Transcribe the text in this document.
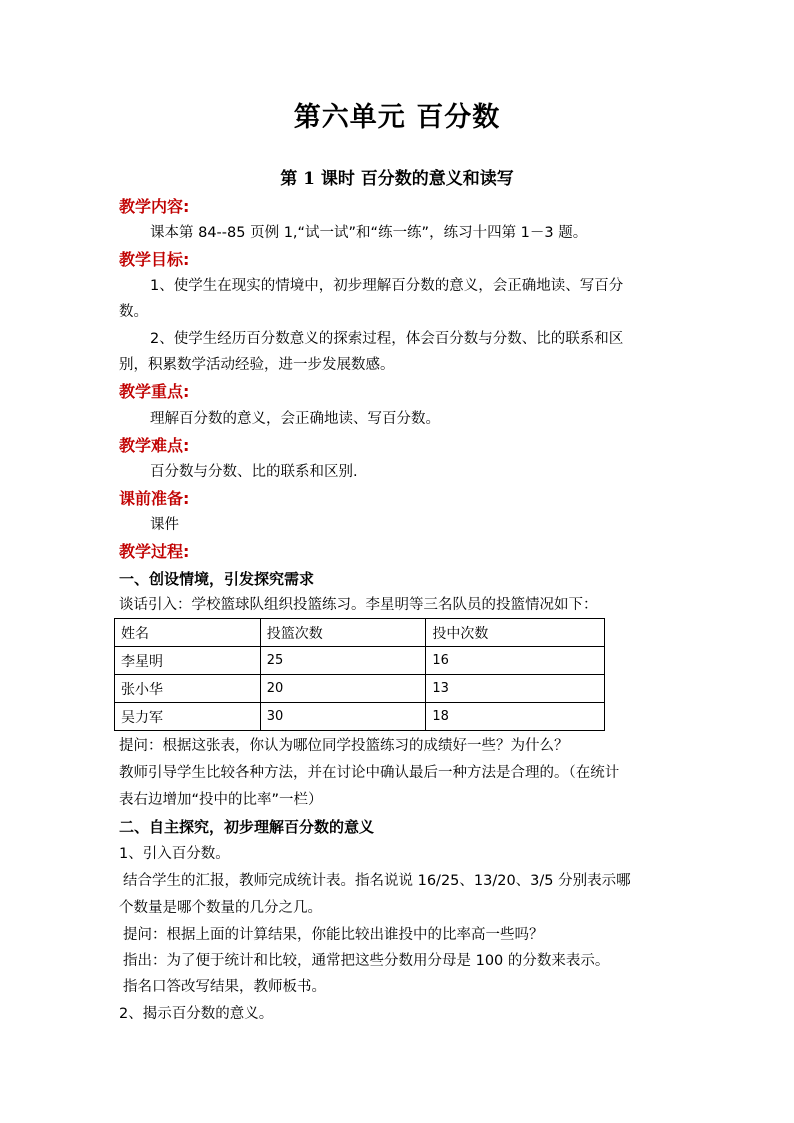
第六单元 百分数
第 1 课时 百分数的意义和读写
教学内容:
课本第 84--85 页例 1,“试一试”和“练一练”，练习十四第 1－3 题。
教学目标:
1、使学生在现实的情境中，初步理解百分数的意义，会正确地读、写百分
数。
2、使学生经历百分数意义的探索过程，体会百分数与分数、比的联系和区
别，积累数学活动经验，进一步发展数感。
教学重点:
理解百分数的意义，会正确地读、写百分数。
教学难点:
百分数与分数、比的联系和区别.
课前准备:
课件
教学过程:
一、创设情境，引发探究需求
谈话引入：学校篮球队组织投篮练习。李星明等三名队员的投篮情况如下：
姓名	投篮次数	投中次数
李星明	25	16
张小华	20	13
吴力军	30	18
提问：根据这张表，你认为哪位同学投篮练习的成绩好一些？为什么？
教师引导学生比较各种方法，并在讨论中确认最后一种方法是合理的。（在统计
表右边增加“投中的比率”一栏）
二、自主探究，初步理解百分数的意义
1、引入百分数。
结合学生的汇报，教师完成统计表。指名说说 16/25、13/20、3/5 分别表示哪
个数量是哪个数量的几分之几。
提问：根据上面的计算结果，你能比较出谁投中的比率高一些吗？
指出：为了便于统计和比较，通常把这些分数用分母是 100 的分数来表示。
指名口答改写结果，教师板书。
2、揭示百分数的意义。
